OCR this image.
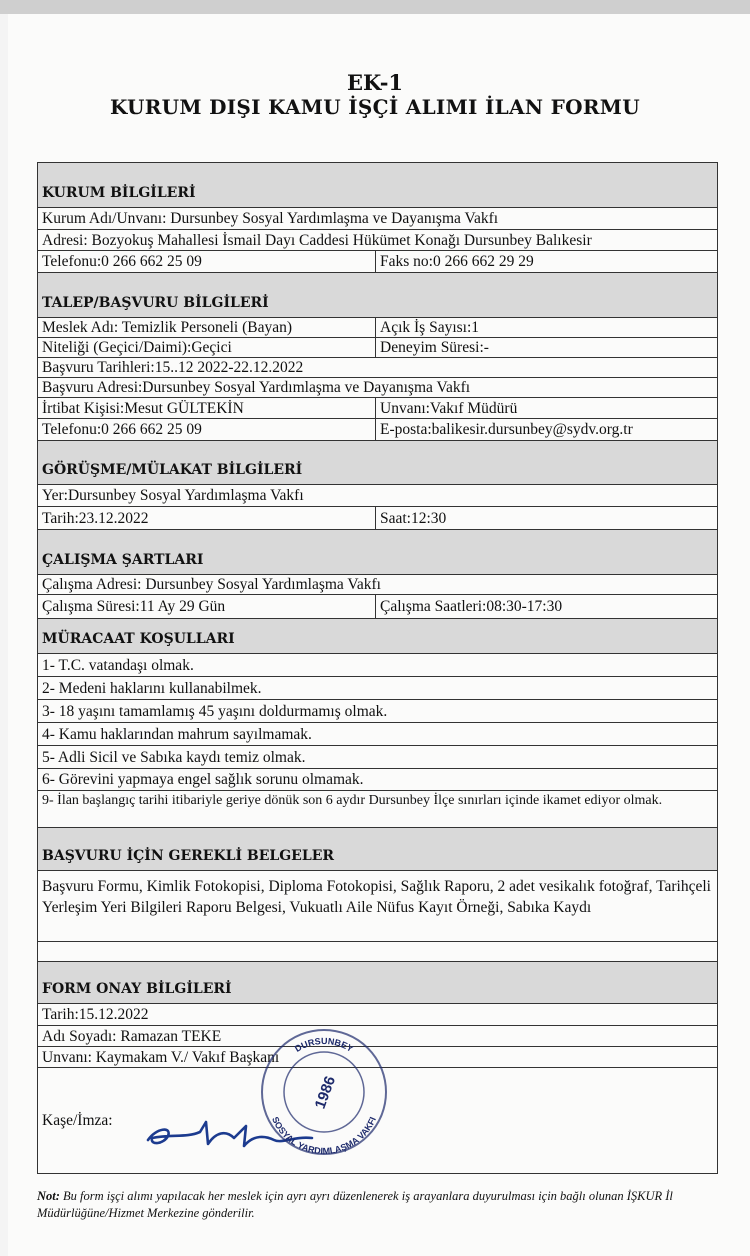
EK-1
KURUM DIŞI KAMU İŞÇİ ALIMI İLAN FORMU
KURUM BİLGİLERİ
Kurum Adı/Unvanı: Dursunbey Sosyal Yardımlaşma ve Dayanışma Vakfı
Adresi: Bozyokuş Mahallesi İsmail Dayı Caddesi Hükümet Konağı Dursunbey Balıkesir
Telefonu:0 266 662 25 09	Faks no:0 266 662 29 29
TALEP/BAŞVURU BİLGİLERİ
Meslek Adı: Temizlik Personeli (Bayan)	Açık İş Sayısı:1
Niteliği (Geçici/Daimi):Geçici	Deneyim Süresi:-
Başvuru Tarihleri:15..12 2022-22.12.2022
Başvuru Adresi:Dursunbey Sosyal Yardımlaşma ve Dayanışma Vakfı
İrtibat Kişisi:Mesut GÜLTEKİN	Unvanı:Vakıf Müdürü
Telefonu:0 266 662 25 09	E-posta:balikesir.dursunbey@sydv.org.tr
GÖRÜŞME/MÜLAKAT BİLGİLERİ
Yer:Dursunbey Sosyal Yardımlaşma Vakfı
Tarih:23.12.2022	Saat:12:30
ÇALIŞMA ŞARTLARI
Çalışma Adresi: Dursunbey Sosyal Yardımlaşma Vakfı
Çalışma Süresi:11 Ay 29 Gün	Çalışma Saatleri:08:30-17:30
MÜRACAAT KOŞULLARI
1- T.C. vatandaşı olmak.
2- Medeni haklarını kullanabilmek.
3- 18 yaşını tamamlamış 45 yaşını doldurmamış olmak.
4- Kamu haklarından mahrum sayılmamak.
5- Adli Sicil ve Sabıka kaydı temiz olmak.
6- Görevini yapmaya engel sağlık sorunu olmamak.
9- İlan başlangıç tarihi itibariyle geriye dönük son 6 aydır Dursunbey İlçe sınırları içinde ikamet ediyor olmak.
BAŞVURU İÇİN GEREKLİ BELGELER
Başvuru Formu, Kimlik Fotokopisi, Diploma Fotokopisi, Sağlık Raporu, 2 adet vesikalık fotoğraf, Tarihçeli Yerleşim Yeri Bilgileri Raporu Belgesi, Vukuatlı Aile Nüfus Kayıt Örneği, Sabıka Kaydı
FORM ONAY BİLGİLERİ
Tarih:15.12.2022
Adı Soyadı: Ramazan TEKE
Unvanı: Kaymakam V./ Vakıf Başkanı
Kaşe/İmza:
DURSUNBEY
SOSYAL YARDIMLAŞMA VAKFI
1986
Not: Bu form işçi alımı yapılacak her meslek için ayrı ayrı düzenlenerek iş arayanlara duyurulması için bağlı olunan İŞKUR İl Müdürlüğüne/Hizmet Merkezine gönderilir.
